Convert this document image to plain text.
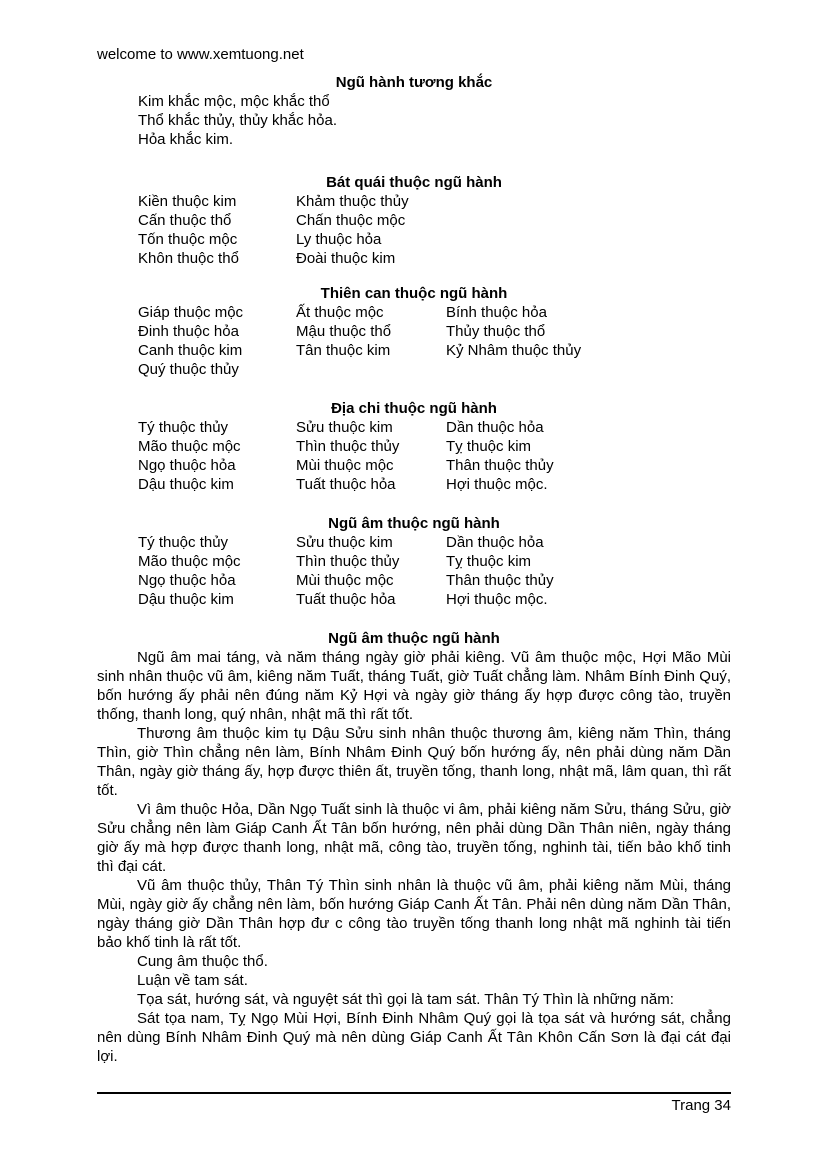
welcome to www.xemtuong.net
Ngũ hành tương khắc
Kim khắc mộc, mộc khắc thổ
Thổ khắc thủy, thủy khắc hỏa.
Hỏa khắc kim.
Bát quái thuộc ngũ hành
Kiền thuộc kim	Khảm thuộc thủy
Cấn thuộc thổ	Chấn thuộc mộc
Tốn thuộc mộc	Ly thuộc hỏa
Khôn thuộc thổ	Đoài thuộc kim
Thiên can thuộc ngũ hành
Giáp thuộc mộc	Ất thuộc mộc	Bính thuộc hỏa
Đinh thuộc hỏa	Mậu thuộc thổ	Thủy thuộc thổ
Canh thuộc kim	Tân thuộc kim	Kỷ Nhâm thuộc thủy
Quý thuộc thủy
Địa chi thuộc ngũ hành
Tý thuộc thủy	Sửu thuộc kim	Dần thuộc hỏa
Mão thuộc mộc	Thìn thuộc thủy	Tỵ thuộc kim
Ngọ thuộc hỏa	Mùi thuộc mộc	Thân thuộc thủy
Dậu thuộc kim	Tuất thuộc hỏa	Hợi thuộc mộc.
Ngũ âm thuộc ngũ hành
Tý thuộc thủy	Sửu thuộc kim	Dần thuộc hỏa
Mão thuộc mộc	Thìn thuộc thủy	Tỵ thuộc kim
Ngọ thuộc hỏa	Mùi thuộc mộc	Thân thuộc thủy
Dậu thuộc kim	Tuất thuộc hỏa	Hợi thuộc mộc.
Ngũ âm thuộc ngũ hành

Ngũ âm mai táng, và năm tháng ngày giờ phải kiêng. Vũ âm thuộc mộc, Hợi Mão Mùi sinh nhân thuộc vũ âm, kiêng năm Tuất, tháng Tuất, giờ Tuất chẳng làm. Nhâm Bính Đinh Quý, bốn hướng ấy phải nên đúng năm Kỷ Hợi và ngày giờ tháng ấy hợp được công tào, truyền thống, thanh long, quý nhân, nhật mã thì rất tốt.

Thương âm thuộc kim tụ Dậu Sửu sinh nhân thuộc thương âm, kiêng năm Thìn, tháng Thìn, giờ Thìn chẳng nên làm, Bính Nhâm Đinh Quý bốn hướng ấy, nên phải dùng năm Dần Thân, ngày giờ tháng ấy, hợp được thiên ất, truyền tống, thanh long, nhật mã, lâm quan, thì rất tốt.

Vì âm thuộc Hỏa, Dần Ngọ Tuất sinh là thuộc vi âm, phải kiêng năm Sửu, tháng Sửu, giờ Sửu chẳng nên làm Giáp Canh Ất Tân bốn hướng, nên phải dùng Dần Thân niên, ngày tháng giờ ấy mà hợp được thanh long, nhật mã, công tào, truyền tống, nghinh tài, tiến bảo khố tinh thì đại cát.

Vũ âm thuộc thủy, Thân Tý Thìn sinh nhân là thuộc vũ âm, phải kiêng năm Mùi, tháng Mùi, ngày giờ ấy chẳng nên làm, bốn hướng Giáp Canh Ất Tân. Phải nên dùng năm Dần Thân, ngày tháng giờ Dần Thân hợp đư c công tào truyền tống thanh long nhật mã nghinh tài tiến bảo khố tinh là rất tốt.

Cung âm thuộc thổ.

Luận về tam sát.

Tọa sát, hướng sát, và nguyệt sát thì gọi là tam sát. Thân Tý Thìn là những năm:

Sát tọa nam, Tỵ Ngọ Mùi Hợi, Bính Đinh Nhâm Quý gọi là tọa sát và hướng sát, chẳng nên dùng Bính Nhâm Đinh Quý mà nên dùng Giáp Canh Ất Tân Khôn Cấn Sơn là đại cát đại lợi.

Trang 34
